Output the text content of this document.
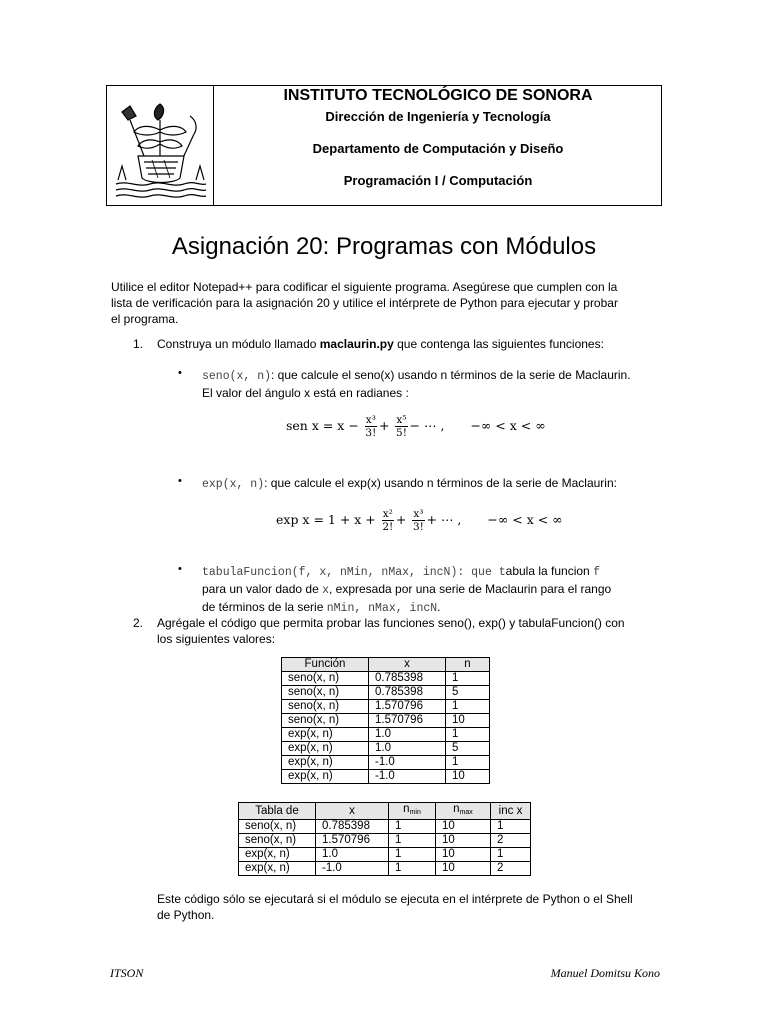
INSTITUTO TECNOLÓGICO DE SONORA
Dirección de Ingeniería y Tecnología
Departamento de Computación y Diseño
Programación I / Computación
Asignación 20: Programas con Módulos
Utilice el editor Notepad++ para codificar el siguiente programa. Asegúrese que cumplen con la
lista de verificación para la asignación 20 y utilice el intérprete de Python para ejecutar y probar
el programa.
1. Construya un módulo llamado maclaurin.py que contenga las siguientes funciones:
• seno(x, n): que calcule el seno(x) usando n términos de la serie de Maclaurin.
El valor del ángulo x está en radianes :
sen $x = x - \frac{\text{x³}}{3!} + \frac{\text{x⁵}}{5!}$ − ⋯ , −∞ < x < ∞
• exp(x, n): que calcule el exp(x) usando n términos de la serie de Maclaurin:
$\exp x = 1 + x + \frac{\text{x²}}{2!} + \frac{\text{x³}}{3!}$ + ⋯ , −∞ < x < ∞
• tabulaFuncion(f, x, nMin, nMax, incN): que tabula la funcion f
para un valor dado de x, expresada por una serie de Maclaurin para el rango
de términos de la serie nMin, nMax, incN.
2. Agrégale el código que permita probar las funciones seno(), exp() y tabulaFuncion() con
los siguientes valores:
Función	x	n
seno(x, n)	0.785398	1
seno(x, n)	0.785398	5
seno(x, n)	1.570796	1
seno(x, n)	1.570796	10
exp(x, n)	1.0	1
exp(x, n)	1.0	5
exp(x, n)	-1.0	1
exp(x, n)	-1.0	10
Tabla de	x	$n_{min}$	$n_{max}$	inc x
seno(x, n)	0.785398	1	10	1
seno(x, n)	1.570796	1	10	2
exp(x, n)	1.0	1	10	1
exp(x, n)	-1.0	1	10	2
Este código sólo se ejecutará si el módulo se ejecuta en el intérprete de Python o el Shell
de Python.
ITSON	Manuel Domitsu Kono
